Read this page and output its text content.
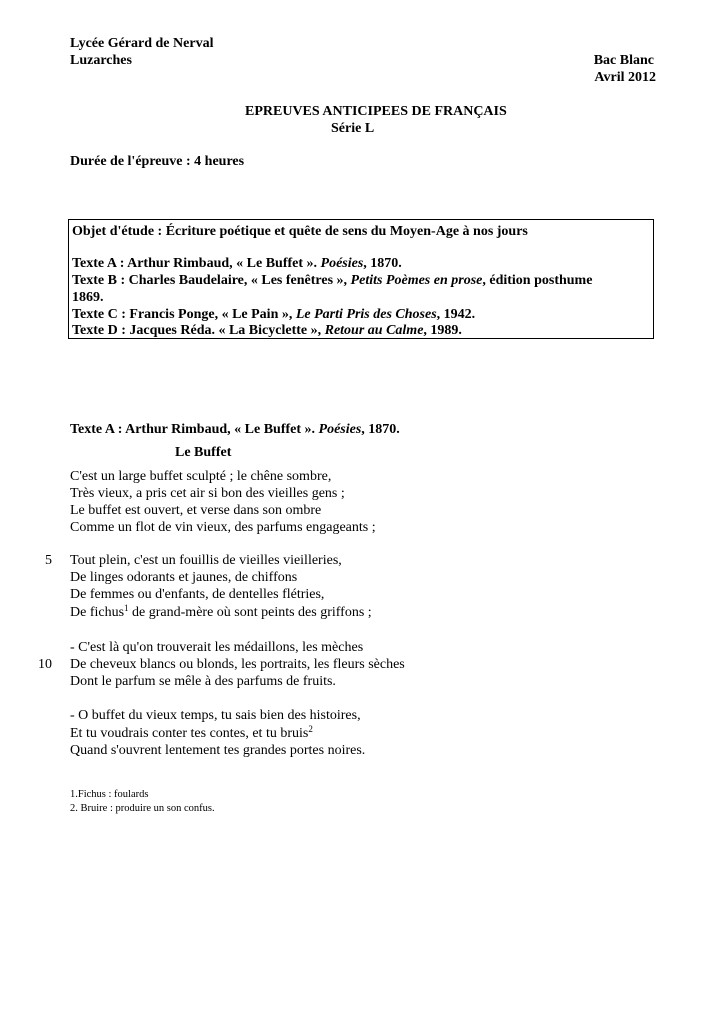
Lycée Gérard de Nerval
Luzarches	Bac Blanc
Avril 2012
EPREUVES ANTICIPEES DE FRANÇAIS
Série L
Durée de l'épreuve : 4 heures
Objet d'étude : Écriture poétique et quête de sens du Moyen-Age à nos jours
Texte A : Arthur Rimbaud, « Le Buffet ». Poésies, 1870.
Texte B : Charles Baudelaire, « Les fenêtres », Petits Poèmes en prose, édition posthume
1869.
Texte C : Francis Ponge, « Le Pain », Le Parti Pris des Choses, 1942.
Texte D : Jacques Réda. « La Bicyclette », Retour au Calme, 1989.
Texte A : Arthur Rimbaud, « Le Buffet ». Poésies, 1870.
Le Buffet
C'est un large buffet sculpté ; le chêne sombre,
Très vieux, a pris cet air si bon des vieilles gens ;
Le buffet est ouvert, et verse dans son ombre
Comme un flot de vin vieux, des parfums engageants ;
5 Tout plein, c'est un fouillis de vieilles vieilleries,
De linges odorants et jaunes, de chiffons
De femmes ou d'enfants, de dentelles flétries,
De fichus$^1$ de grand-mère où sont peints des griffons ;
- C'est là qu'on trouverait les médaillons, les mèches
10 De cheveux blancs ou blonds, les portraits, les fleurs sèches
Dont le parfum se mêle à des parfums de fruits.
- O buffet du vieux temps, tu sais bien des histoires,
Et tu voudrais conter tes contes, et tu bruis$^2$
Quand s'ouvrent lentement tes grandes portes noires.
1.Fichus : foulards
2. Bruire : produire un son confus.
